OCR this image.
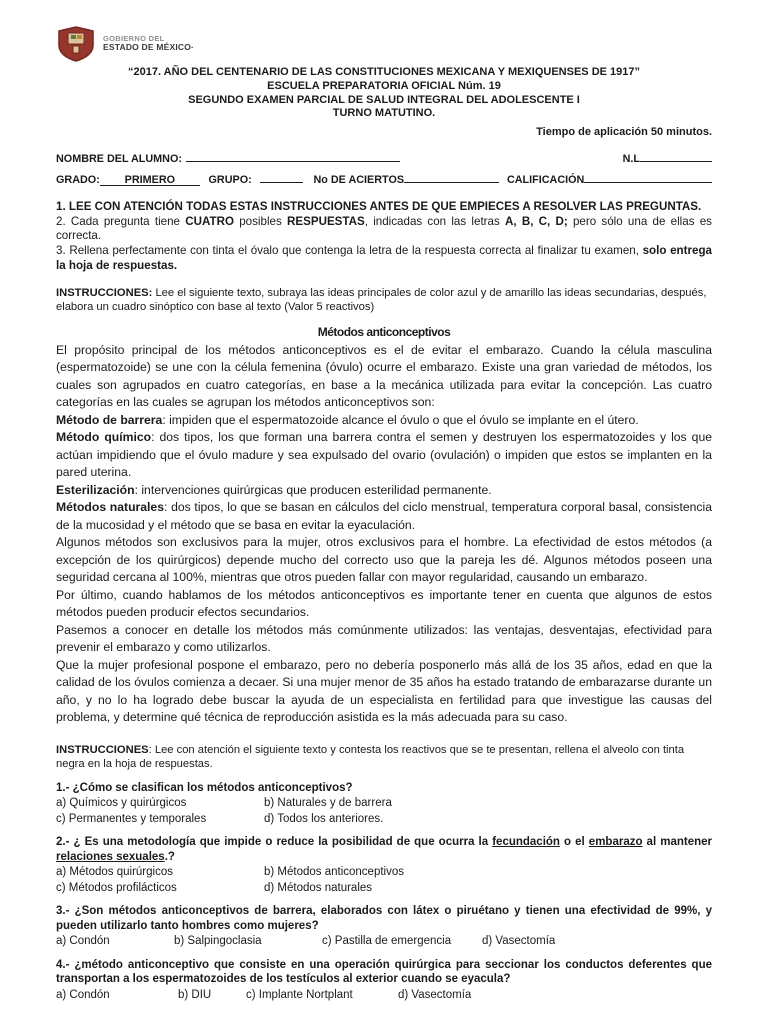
GOBIERNO DEL
ESTADO DE MÉXICO·
“2017. AÑO DEL CENTENARIO DE LAS CONSTITUCIONES MEXICANA Y MEXIQUENSES DE 1917”
ESCUELA PREPARATORIA OFICIAL Núm. 19
SEGUNDO EXAMEN PARCIAL DE SALUD INTEGRAL DEL ADOLESCENTE I
TURNO MATUTINO.
Tiempo de aplicación 50 minutos.
NOMBRE DEL ALUMNO:	N.L
GRADO:	PRIMERO	GRUPO:	No DE ACIERTOS	CALIFICACIÓN

1. LEE CON ATENCIÓN TODAS ESTAS INSTRUCCIONES ANTES DE QUE EMPIECES A RESOLVER LAS PREGUNTAS.

2. Cada pregunta tiene CUATRO posibles RESPUESTAS, indicadas con las letras A, B, C, D; pero sólo una de ellas es correcta.

3. Rellena perfectamente con tinta el óvalo que contenga la letra de la respuesta correcta al finalizar tu examen, solo entrega la hoja de respuestas.

INSTRUCCIONES: Lee el siguiente texto, subraya las ideas principales de color azul y de amarillo las ideas secundarias, después, elabora un cuadro sinóptico con base al texto (Valor 5 reactivos)
Métodos anticonceptivos
El propósito principal de los métodos anticonceptivos es el de evitar el embarazo. Cuando la célula masculina (espermatozoide) se une con la célula femenina (óvulo) ocurre el embarazo. Existe una gran variedad de métodos, los cuales son agrupados en cuatro categorías, en base a la mecánica utilizada para evitar la concepción. Las cuatro categorías en las cuales se agrupan los métodos anticonceptivos son:
Método de barrera: impiden que el espermatozoide alcance el óvulo o que el óvulo se implante en el útero.
Método químico: dos tipos, los que forman una barrera contra el semen y destruyen los espermatozoides y los que actúan impidiendo que el óvulo madure y sea expulsado del ovario (ovulación) o impiden que estos se implanten en la pared uterina.
Esterilización: intervenciones quirúrgicas que producen esterilidad permanente.
Métodos naturales: dos tipos, lo que se basan en cálculos del ciclo menstrual, temperatura corporal basal, consistencia de la mucosidad y el método que se basa en evitar la eyaculación.
Algunos métodos son exclusivos para la mujer, otros exclusivos para el hombre. La efectividad de estos métodos (a excepción de los quirúrgicos) depende mucho del correcto uso que la pareja les dé. Algunos métodos poseen una seguridad cercana al 100%, mientras que otros pueden fallar con mayor regularidad, causando un embarazo.
Por último, cuando hablamos de los métodos anticonceptivos es importante tener en cuenta que algunos de estos métodos pueden producir efectos secundarios.
Pasemos a conocer en detalle los métodos más comúnmente utilizados: las ventajas, desventajas, efectividad para prevenir el embarazo y como utilizarlos.
Que la mujer profesional pospone el embarazo, pero no debería posponerlo más allá de los 35 años, edad en que la calidad de los óvulos comienza a decaer. Si una mujer menor de 35 años ha estado tratando de embarazarse durante un año, y no lo ha logrado debe buscar la ayuda de un especialista en fertilidad para que investigue las causas del problema, y determine qué técnica de reproducción asistida es la más adecuada para su caso.
INSTRUCCIONES: Lee con atención el siguiente texto y contesta los reactivos que se te presentan, rellena el alveolo con tinta negra en la hoja de respuestas.
1.- ¿Cómo se clasifican los métodos anticonceptivos?
a) Químicos y quirúrgicos	b) Naturales y de barrera
c) Permanentes y temporales	d) Todos los anteriores.
2.- ¿ Es una metodología que impide o reduce la posibilidad de que ocurra la fecundación o el embarazo al mantener relaciones sexuales.?
a) Métodos quirúrgicos	b) Métodos anticonceptivos
c) Métodos profilácticos	d) Métodos naturales
3.- ¿Son métodos anticonceptivos de barrera, elaborados con látex o piruétano y tienen una efectividad de 99%, y pueden utilizarlo tanto hombres como mujeres?
a) Condón	b) Salpingoclasia	c) Pastilla de emergencia	d) Vasectomía
4.- ¿método anticonceptivo que consiste en una operación quirúrgica para seccionar los conductos deferentes que transportan a los espermatozoides de los testículos al exterior cuando se eyacula?
a) Condón	b) DIU	c) Implante Nortplant	d) Vasectomía
